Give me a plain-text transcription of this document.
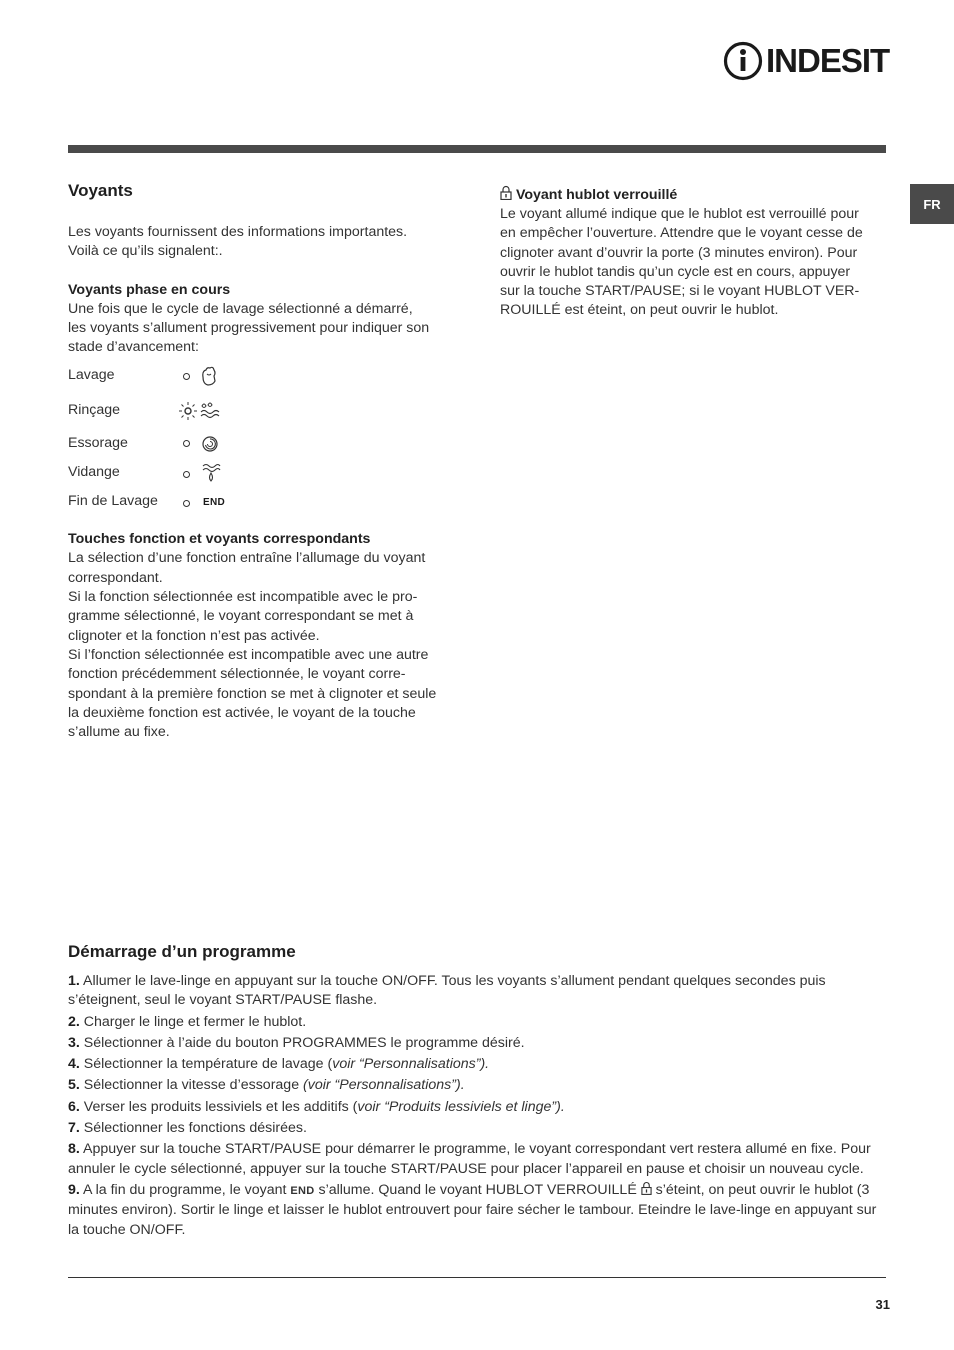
INDESIT
FR
Voyants

Les voyants fournissent des informations importantes.

Voilà ce qu’ils signalent:.

Voyants phase en cours

Une fois que le cycle de lavage sélectionné a démarré,

les voyants s’allument progressivement pour indiquer son

stade d’avancement:

Lavage
Rinçage
Essorage
Vidange
Fin de Lavage	END

Touches fonction et voyants correspondants

La sélection d’une fonction entraîne l’allumage du voyant

correspondant.

Si la fonction sélectionnée est incompatible avec le pro-

gramme sélectionné, le voyant correspondant se met à

clignoter et la fonction n’est pas activée.

Si l’fonction sélectionnée est incompatible avec une autre

fonction précédemment sélectionnée, le voyant corre-

spondant à la première fonction se met à clignoter et seule

la deuxième fonction est activée, le voyant de la touche

s’allume au fixe.

Voyant hublot verrouillé

Le voyant allumé indique que le hublot est verrouillé pour

en empêcher l’ouverture. Attendre que le voyant cesse de

clignoter avant d’ouvrir la porte (3 minutes environ). Pour

ouvrir le hublot tandis qu’un cycle est en cours, appuyer

sur la touche START/PAUSE; si le voyant HUBLOT VER-

ROUILLÉ est éteint, on peut ouvrir le hublot.

Démarrage d’un programme

1. Allumer le lave-linge en appuyant sur la touche ON/OFF. Tous les voyants s’allument pendant quelques secondes puis s’éteignent, seul le voyant START/PAUSE flashe.

2. Charger le linge et fermer le hublot.

3. Sélectionner à l’aide du bouton PROGRAMMES le programme désiré.

4. Sélectionner la température de lavage (voir “Personnalisations”).

5. Sélectionner la vitesse d’essorage (voir “Personnalisations”).

6. Verser les produits lessiviels et les additifs (voir “Produits lessiviels et linge”).

7. Sélectionner les fonctions désirées.

8. Appuyer sur la touche START/PAUSE pour démarrer le programme, le voyant correspondant vert restera allumé en fixe. Pour annuler le cycle sélectionné, appuyer sur la touche START/PAUSE pour placer l’appareil en pause et choisir un nouveau cycle.

9. A la fin du programme, le voyant END s’allume. Quand le voyant HUBLOT VERROUILLÉ  s’éteint, on peut ouvrir le hublot (3 minutes environ). Sortir le linge et laisser le hublot entrouvert pour faire sécher le tambour. Eteindre le lave-linge en appuyant sur la touche ON/OFF.

31
